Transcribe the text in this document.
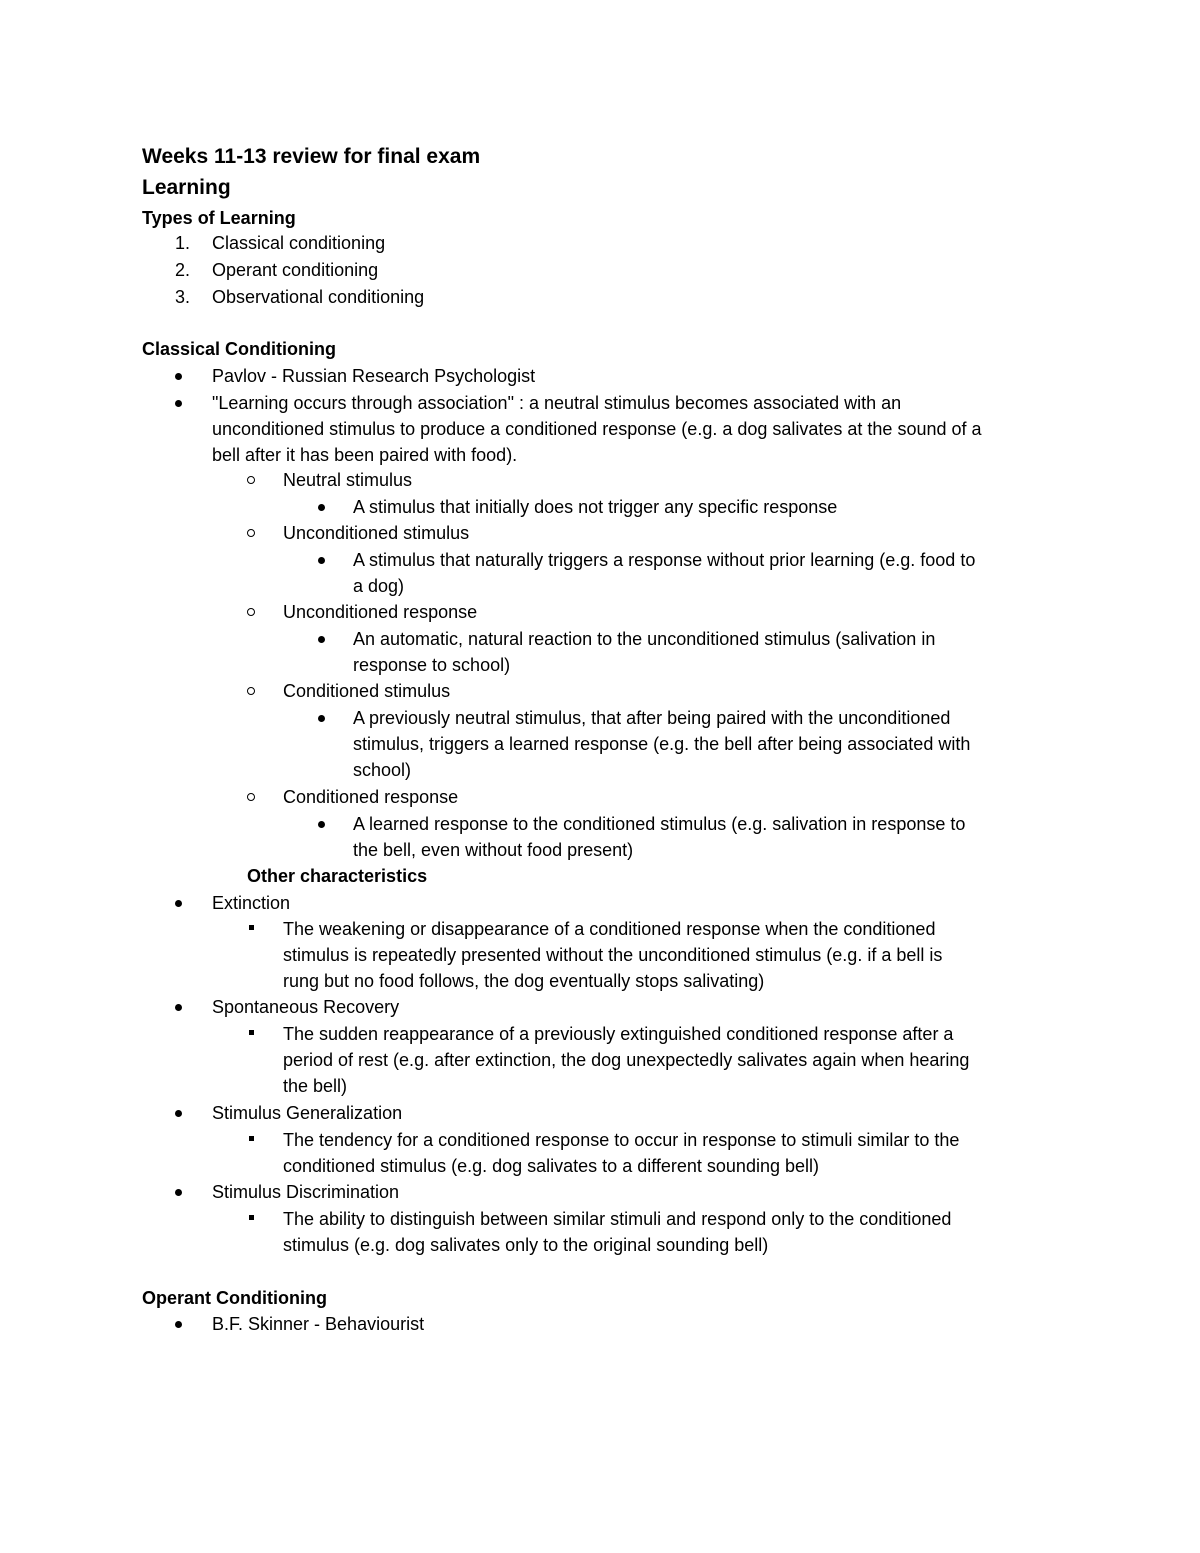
Weeks 11-13 review for final exam
Learning
Types of Learning
1. Classical conditioning
2. Operant conditioning
3. Observational conditioning
Classical Conditioning
Pavlov - Russian Research Psychologist
"Learning occurs through association" : a neutral stimulus becomes associated with an
unconditioned stimulus to produce a conditioned response (e.g. a dog salivates at the sound of a
bell after it has been paired with food).
Neutral stimulus
A stimulus that initially does not trigger any specific response
Unconditioned stimulus
A stimulus that naturally triggers a response without prior learning (e.g. food to
a dog)
Unconditioned response
An automatic, natural reaction to the unconditioned stimulus (salivation in
response to school)
Conditioned stimulus
A previously neutral stimulus, that after being paired with the unconditioned
stimulus, triggers a learned response (e.g. the bell after being associated with
school)
Conditioned response
A learned response to the conditioned stimulus (e.g. salivation in response to
the bell, even without food present)
Other characteristics
Extinction
The weakening or disappearance of a conditioned response when the conditioned
stimulus is repeatedly presented without the unconditioned stimulus (e.g. if a bell is
rung but no food follows, the dog eventually stops salivating)
Spontaneous Recovery
The sudden reappearance of a previously extinguished conditioned response after a
period of rest (e.g. after extinction, the dog unexpectedly salivates again when hearing
the bell)
Stimulus Generalization
The tendency for a conditioned response to occur in response to stimuli similar to the
conditioned stimulus (e.g. dog salivates to a different sounding bell)
Stimulus Discrimination
The ability to distinguish between similar stimuli and respond only to the conditioned
stimulus (e.g. dog salivates only to the original sounding bell)
Operant Conditioning
B.F. Skinner - Behaviourist
